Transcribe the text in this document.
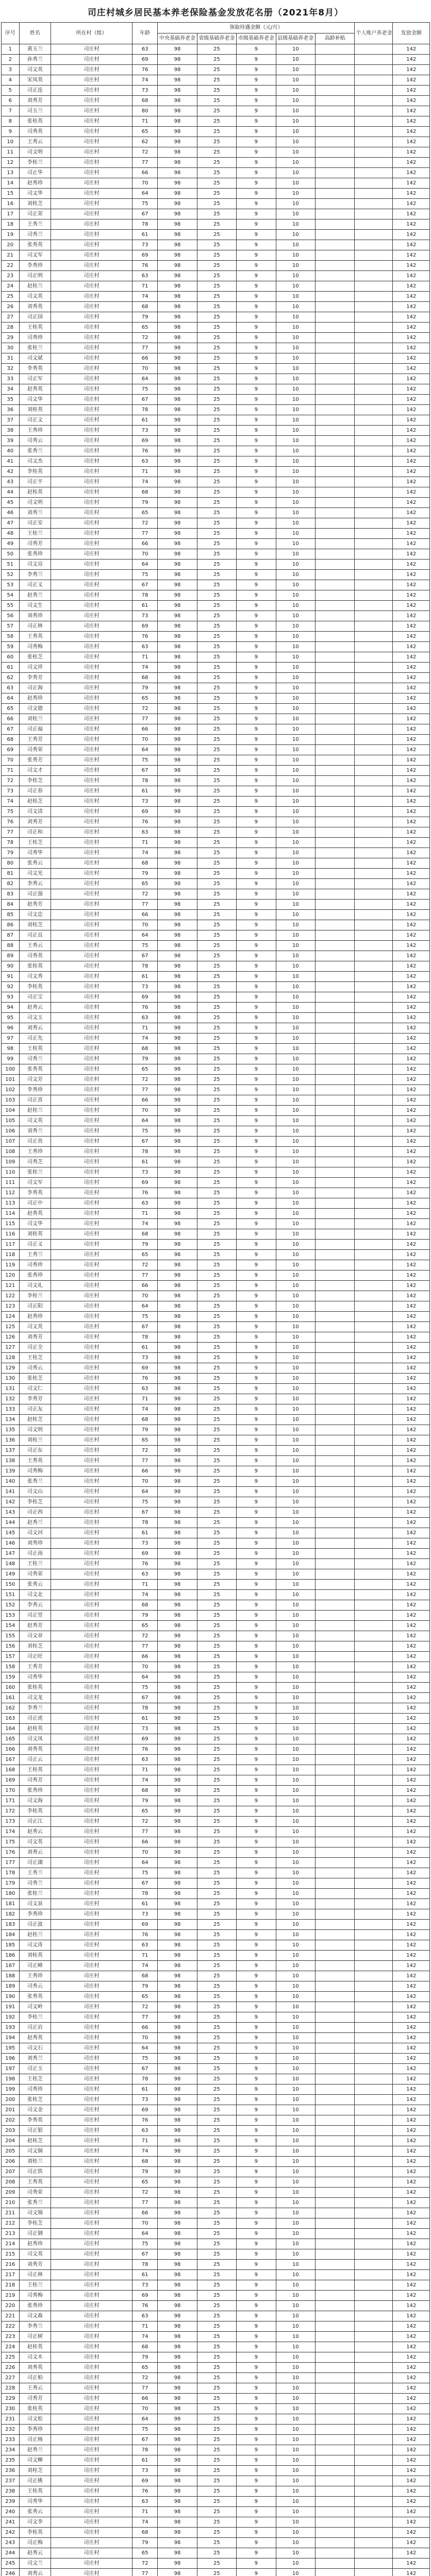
司庄村城乡居民基本养老保险基金发放花名册（2021年8月）
序号	姓名	所在村（组）	年龄	领取待遇金额（元/月）					个人账户养老金	发放金额
				中央基础养老金	省级基础养老金	市级基础养老金	县级基础养老金	高龄补贴		
1	黄玉兰	司庄村	63	98	25	9	10			142
2	孙秀兰	司庄村	69	98	25	9	10			142
3	司文英	司庄村	76	98	25	9	10			142
4	宋凤英	司庄村	74	98	25	9	10			142
5	司正连	司庄村	73	98	25	9	10			142
6	刘秀芳	司庄村	68	98	25	9	10			142
7	司玉兰	司庄村	80	98	25	9	10			142
8	张桂英	司庄村	71	98	25	9	10			142
9	司秀英	司庄村	65	98	25	9	10			142
10	王秀云	司庄村	62	98	25	9	10			142
11	司文明	司庄村	72	98	25	9	10			142
12	李桂兰	司庄村	77	98	25	9	10			142
13	司正华	司庄村	66	98	25	9	10			142
14	赵秀珍	司庄村	70	98	25	9	10			142
15	司文华	司庄村	64	98	25	9	10			142
16	刘桂芝	司庄村	75	98	25	9	10			142
17	司正荣	司庄村	67	98	25	9	10			142
18	王秀兰	司庄村	78	98	25	9	10			142
19	司秀兰	司庄村	61	98	25	9	10			142
20	张秀英	司庄村	73	98	25	9	10			142
21	司文军	司庄村	69	98	25	9	10			142
22	李秀珍	司庄村	76	98	25	9	10			142
23	司正明	司庄村	63	98	25	9	10			142
24	赵桂兰	司庄村	71	98	25	9	10			142
25	司文英	司庄村	74	98	25	9	10			142
26	刘秀英	司庄村	68	98	25	9	10			142
27	司正国	司庄村	79	98	25	9	10			142
28	王桂英	司庄村	65	98	25	9	10			142
29	司秀珍	司庄村	72	98	25	9	10			142
30	张桂兰	司庄村	77	98	25	9	10			142
31	司文斌	司庄村	66	98	25	9	10			142
32	李秀英	司庄村	70	98	25	9	10			142
33	司正军	司庄村	64	98	25	9	10			142
34	赵秀英	司庄村	75	98	25	9	10			142
35	司文华	司庄村	67	98	25	9	10			142
36	刘桂英	司庄村	78	98	25	9	10			142
37	司正文	司庄村	61	98	25	9	10			142
38	王秀珍	司庄村	73	98	25	9	10			142
39	司秀云	司庄村	69	98	25	9	10			142
40	张秀兰	司庄村	76	98	25	9	10			142
41	司文杰	司庄村	63	98	25	9	10			142
42	李桂英	司庄村	71	98	25	9	10			142
43	司正平	司庄村	74	98	25	9	10			142
44	赵桂英	司庄村	68	98	25	9	10			142
45	司文明	司庄村	79	98	25	9	10			142
46	刘秀兰	司庄村	65	98	25	9	10			142
47	司正安	司庄村	72	98	25	9	10			142
48	王桂兰	司庄村	77	98	25	9	10			142
49	司秀芳	司庄村	66	98	25	9	10			142
50	张秀珍	司庄村	70	98	25	9	10			142
51	司文亮	司庄村	64	98	25	9	10			142
52	李秀兰	司庄村	75	98	25	9	10			142
53	司正义	司庄村	67	98	25	9	10			142
54	赵秀兰	司庄村	78	98	25	9	10			142
55	司文生	司庄村	61	98	25	9	10			142
56	刘秀珍	司庄村	73	98	25	9	10			142
57	司正林	司庄村	69	98	25	9	10			142
58	王秀英	司庄村	76	98	25	9	10			142
59	司秀梅	司庄村	63	98	25	9	10			142
60	张桂芝	司庄村	71	98	25	9	10			142
61	司文祥	司庄村	74	98	25	9	10			142
62	李秀芳	司庄村	68	98	25	9	10			142
63	司正海	司庄村	79	98	25	9	10			142
64	赵秀珍	司庄村	65	98	25	9	10			142
65	司文德	司庄村	72	98	25	9	10			142
66	刘桂兰	司庄村	77	98	25	9	10			142
67	司正福	司庄村	66	98	25	9	10			142
68	王秀芳	司庄村	70	98	25	9	10			142
69	司秀荣	司庄村	64	98	25	9	10			142
70	张秀芳	司庄村	75	98	25	9	10			142
71	司文才	司庄村	67	98	25	9	10			142
72	李桂芝	司庄村	78	98	25	9	10			142
73	司正春	司庄村	61	98	25	9	10			142
74	赵桂芝	司庄村	73	98	25	9	10			142
75	司文清	司庄村	69	98	25	9	10			142
76	刘秀芳	司庄村	76	98	25	9	10			142
77	司正和	司庄村	63	98	25	9	10			142
78	王桂芝	司庄村	71	98	25	9	10			142
79	司秀华	司庄村	74	98	25	9	10			142
80	张秀云	司庄村	68	98	25	9	10			142
81	司文光	司庄村	79	98	25	9	10			142
82	李秀云	司庄村	65	98	25	9	10			142
83	司正强	司庄村	72	98	25	9	10			142
84	赵秀芳	司庄村	77	98	25	9	10			142
85	司文忠	司庄村	66	98	25	9	10			142
86	刘桂芝	司庄村	70	98	25	9	10			142
87	司正良	司庄村	64	98	25	9	10			142
88	王秀云	司庄村	75	98	25	9	10			142
89	司秀英	司庄村	67	98	25	9	10			142
90	张桂英	司庄村	78	98	25	9	10			142
91	司文秀	司庄村	61	98	25	9	10			142
92	李桂英	司庄村	73	98	25	9	10			142
93	司正宝	司庄村	69	98	25	9	10			142
94	赵秀云	司庄村	76	98	25	9	10			142
95	司文玉	司庄村	63	98	25	9	10			142
96	刘秀云	司庄村	71	98	25	9	10			142
97	司正先	司庄村	74	98	25	9	10			142
98	王桂英	司庄村	68	98	25	9	10			142
99	司秀兰	司庄村	79	98	25	9	10			142
100	张秀英	司庄村	65	98	25	9	10			142
101	司文芳	司庄村	72	98	25	9	10			142
102	李秀珍	司庄村	77	98	25	9	10			142
103	司正喜	司庄村	66	98	25	9	10			142
104	赵桂兰	司庄村	70	98	25	9	10			142
105	司文英	司庄村	64	98	25	9	10			142
106	刘秀兰	司庄村	75	98	25	9	10			142
107	司正贵	司庄村	67	98	25	9	10			142
108	王秀珍	司庄村	78	98	25	9	10			142
109	司秀芝	司庄村	61	98	25	9	10			142
110	张桂兰	司庄村	73	98	25	9	10			142
111	司文军	司庄村	69	98	25	9	10			142
112	李秀英	司庄村	76	98	25	9	10			142
113	司正中	司庄村	63	98	25	9	10			142
114	赵秀英	司庄村	71	98	25	9	10			142
115	司文华	司庄村	74	98	25	9	10			142
116	刘桂英	司庄村	68	98	25	9	10			142
117	司正义	司庄村	79	98	25	9	10			142
118	王秀兰	司庄村	65	98	25	9	10			142
119	司秀珍	司庄村	72	98	25	9	10			142
120	张秀珍	司庄村	77	98	25	9	10			142
121	司文礼	司庄村	66	98	25	9	10			142
122	李桂兰	司庄村	70	98	25	9	10			142
123	司正阳	司庄村	64	98	25	9	10			142
124	赵秀珍	司庄村	75	98	25	9	10			142
125	司文英	司庄村	67	98	25	9	10			142
126	刘秀芳	司庄村	78	98	25	9	10			142
127	司正全	司庄村	61	98	25	9	10			142
128	王桂芝	司庄村	73	98	25	9	10			142
129	司秀云	司庄村	69	98	25	9	10			142
130	张桂芝	司庄村	76	98	25	9	10			142
131	司文仁	司庄村	63	98	25	9	10			142
132	李秀芳	司庄村	71	98	25	9	10			142
133	司正友	司庄村	74	98	25	9	10			142
134	赵桂芝	司庄村	68	98	25	9	10			142
135	司文明	司庄村	79	98	25	9	10			142
136	刘桂兰	司庄村	65	98	25	9	10			142
137	司正东	司庄村	72	98	25	9	10			142
138	王秀英	司庄村	77	98	25	9	10			142
139	司秀梅	司庄村	66	98	25	9	10			142
140	张秀兰	司庄村	70	98	25	9	10			142
141	司文山	司庄村	64	98	25	9	10			142
142	李桂芝	司庄村	75	98	25	9	10			142
143	司正西	司庄村	67	98	25	9	10			142
144	赵秀兰	司庄村	78	98	25	9	10			142
145	司文河	司庄村	61	98	25	9	10			142
146	刘秀珍	司庄村	73	98	25	9	10			142
147	司正南	司庄村	69	98	25	9	10			142
148	王桂兰	司庄村	76	98	25	9	10			142
149	司秀荣	司庄村	63	98	25	9	10			142
150	张秀云	司庄村	71	98	25	9	10			142
151	司文北	司庄村	74	98	25	9	10			142
152	李秀云	司庄村	68	98	25	9	10			142
153	司正堂	司庄村	79	98	25	9	10			142
154	赵秀芳	司庄村	65	98	25	9	10			142
155	司文章	司庄村	72	98	25	9	10			142
156	刘桂芝	司庄村	77	98	25	9	10			142
157	司正旺	司庄村	66	98	25	9	10			142
158	王秀芳	司庄村	70	98	25	9	10			142
159	司秀华	司庄村	64	98	25	9	10			142
160	张桂英	司庄村	75	98	25	9	10			142
161	司文龙	司庄村	67	98	25	9	10			142
162	李秀兰	司庄村	78	98	25	9	10			142
163	司正虎	司庄村	61	98	25	9	10			142
164	赵桂英	司庄村	73	98	25	9	10			142
165	司文凤	司庄村	69	98	25	9	10			142
166	刘秀英	司庄村	76	98	25	9	10			142
167	司正云	司庄村	63	98	25	9	10			142
168	王桂英	司庄村	71	98	25	9	10			142
169	司秀芳	司庄村	74	98	25	9	10			142
170	张秀珍	司庄村	68	98	25	9	10			142
171	司文海	司庄村	79	98	25	9	10			142
172	李桂英	司庄村	65	98	25	9	10			142
173	司正江	司庄村	72	98	25	9	10			142
174	赵秀云	司庄村	77	98	25	9	10			142
175	司文英	司庄村	66	98	25	9	10			142
176	刘秀云	司庄村	70	98	25	9	10			142
177	司正湖	司庄村	64	98	25	9	10			142
178	王秀兰	司庄村	75	98	25	9	10			142
179	司秀兰	司庄村	67	98	25	9	10			142
180	张桂兰	司庄村	78	98	25	9	10			142
181	司文泉	司庄村	61	98	25	9	10			142
182	李秀珍	司庄村	73	98	25	9	10			142
183	司正波	司庄村	69	98	25	9	10			142
184	赵桂兰	司庄村	76	98	25	9	10			142
185	司文涛	司庄村	63	98	25	9	10			142
186	刘桂英	司庄村	71	98	25	9	10			142
187	司正峰	司庄村	74	98	25	9	10			142
188	王秀珍	司庄村	68	98	25	9	10			142
189	司秀云	司庄村	79	98	25	9	10			142
190	张秀英	司庄村	65	98	25	9	10			142
191	司文岭	司庄村	72	98	25	9	10			142
192	李桂兰	司庄村	77	98	25	9	10			142
193	司正岩	司庄村	66	98	25	9	10			142
194	赵秀英	司庄村	70	98	25	9	10			142
195	司文石	司庄村	64	98	25	9	10			142
196	刘秀兰	司庄村	75	98	25	9	10			142
197	司正玉	司庄村	67	98	25	9	10			142
198	王桂芝	司庄村	78	98	25	9	10			142
199	司秀珍	司庄村	61	98	25	9	10			142
200	张桂芝	司庄村	73	98	25	9	10			142
201	司文金	司庄村	69	98	25	9	10			142
202	李秀英	司庄村	76	98	25	9	10			142
203	司正银	司庄村	63	98	25	9	10			142
204	赵桂芝	司庄村	71	98	25	9	10			142
205	司文铜	司庄村	74	98	25	9	10			142
206	刘桂兰	司庄村	68	98	25	9	10			142
207	司正铁	司庄村	79	98	25	9	10			142
208	王秀英	司庄村	65	98	25	9	10			142
209	司秀荣	司庄村	72	98	25	9	10			142
210	张秀兰	司庄村	77	98	25	9	10			142
211	司文锡	司庄村	66	98	25	9	10			142
212	李桂芝	司庄村	70	98	25	9	10			142
213	司正钢	司庄村	64	98	25	9	10			142
214	赵秀珍	司庄村	75	98	25	9	10			142
215	司文英	司庄村	67	98	25	9	10			142
216	刘秀芳	司庄村	78	98	25	9	10			142
217	司正林	司庄村	61	98	25	9	10			142
218	王桂兰	司庄村	73	98	25	9	10			142
219	司秀梅	司庄村	69	98	25	9	10			142
220	张秀珍	司庄村	76	98	25	9	10			142
221	司文森	司庄村	63	98	25	9	10			142
222	李秀兰	司庄村	71	98	25	9	10			142
223	司正树	司庄村	74	98	25	9	10			142
224	赵桂英	司庄村	68	98	25	9	10			142
225	司文木	司庄村	79	98	25	9	10			142
226	刘秀英	司庄村	65	98	25	9	10			142
227	司正柏	司庄村	72	98	25	9	10			142
228	王秀云	司庄村	77	98	25	9	10			142
229	司秀芳	司庄村	66	98	25	9	10			142
230	张桂英	司庄村	70	98	25	9	10			142
231	司文松	司庄村	64	98	25	9	10			142
232	李秀珍	司庄村	75	98	25	9	10			142
233	司正杨	司庄村	67	98	25	9	10			142
234	赵秀兰	司庄村	78	98	25	9	10			142
235	司文柳	司庄村	61	98	25	9	10			142
236	刘桂芝	司庄村	73	98	25	9	10			142
237	司正桃	司庄村	69	98	25	9	10			142
238	王桂英	司庄村	76	98	25	9	10			142
239	司秀华	司庄村	63	98	25	9	10			142
240	张秀云	司庄村	71	98	25	9	10			142
241	司文李	司庄村	74	98	25	9	10			142
242	李桂英	司庄村	68	98	25	9	10			142
243	司正梅	司庄村	79	98	25	9	10			142
244	赵秀云	司庄村	65	98	25	9	10			142
245	司文兰	司庄村	72	98	25	9	10			142
246	刘秀云	司庄村	77	98	25	9	10			142
